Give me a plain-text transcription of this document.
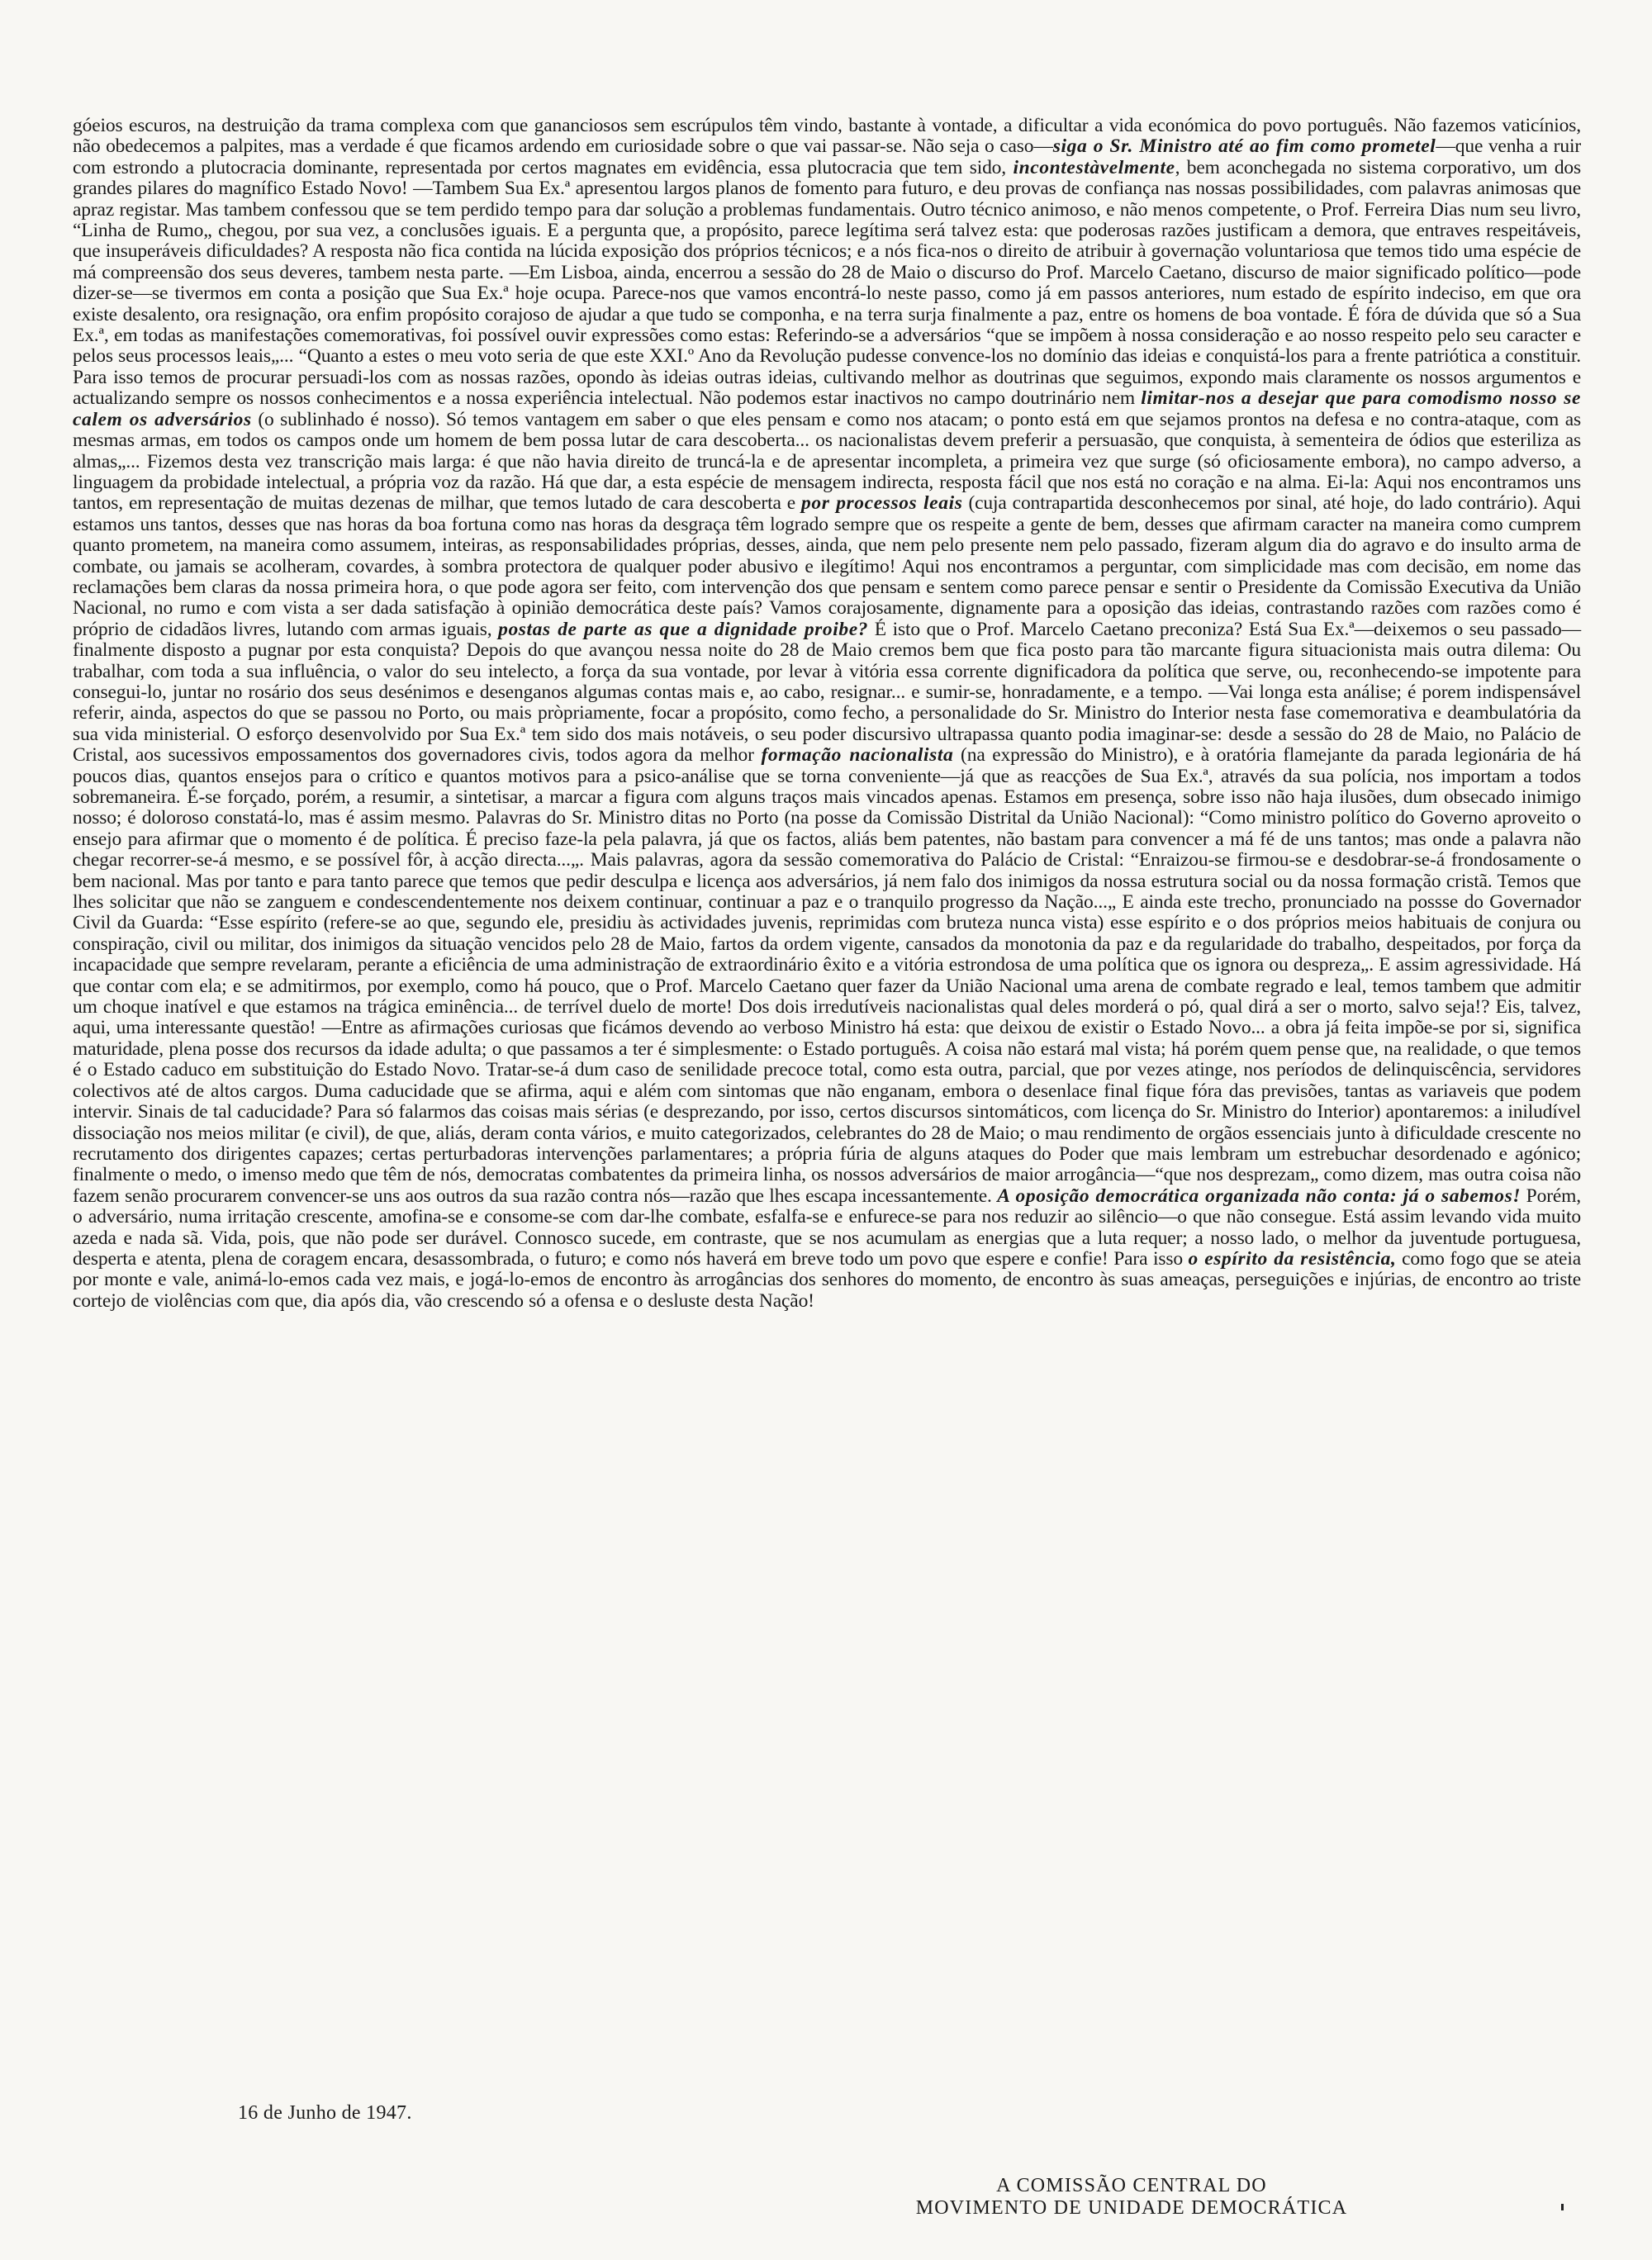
góeios escuros, na destruição da trama complexa com que gananciosos sem escrúpulos têm vindo, bastante à vontade, a dificultar a vida económica do povo português. Não fazemos vaticínios, não obedecemos a palpites, mas a verdade é que ficamos ardendo em curiosidade sobre o que vai passar-se. Não seja o caso—siga o Sr. Ministro até ao fim como prometel—que venha a ruir com estrondo a plutocracia dominante, representada por certos magnates em evidência, essa plutocracia que tem sido, incontestàvelmente, bem aconchegada no sistema corporativo, um dos grandes pilares do magnífico Estado Novo! —Tambem Sua Ex.ª apresentou largos planos de fomento para futuro, e deu provas de confiança nas nossas possibilidades, com palavras animosas que apraz registar. Mas tambem confessou que se tem perdido tempo para dar solução a problemas fundamentais. Outro técnico animoso, e não menos competente, o Prof. Ferreira Dias num seu livro, “Linha de Rumo„ chegou, por sua vez, a conclusões iguais. E a pergunta que, a propósito, parece legítima será talvez esta: que poderosas razões justificam a demora, que entraves respeitáveis, que insuperáveis dificuldades? A resposta não fica contida na lúcida exposição dos próprios técnicos; e a nós fica-nos o direito de atribuir à governação voluntariosa que temos tido uma espécie de má compreensão dos seus deveres, tambem nesta parte. —Em Lisboa, ainda, encerrou a sessão do 28 de Maio o discurso do Prof. Marcelo Caetano, discurso de maior significado político—pode dizer-se—se tivermos em conta a posição que Sua Ex.ª hoje ocupa. Parece-nos que vamos encontrá-lo neste passo, como já em passos anteriores, num estado de espírito indeciso, em que ora existe desalento, ora resignação, ora enfim propósito corajoso de ajudar a que tudo se componha, e na terra surja finalmente a paz, entre os homens de boa vontade. É fóra de dúvida que só a Sua Ex.ª, em todas as manifestações comemorativas, foi possível ouvir expressões como estas: Referindo-se a adversários “que se impõem à nossa consideração e ao nosso respeito pelo seu caracter e pelos seus processos leais„... “Quanto a estes o meu voto seria de que este XXI.º Ano da Revolução pudesse convence-los no domínio das ideias e conquistá-los para a frente patriótica a constituir. Para isso temos de procurar persuadi-los com as nossas razões, opondo às ideias outras ideias, cultivando melhor as doutrinas que seguimos, expondo mais claramente os nossos argumentos e actualizando sempre os nossos conhecimentos e a nossa experiência intelectual. Não podemos estar inactivos no campo doutrinário nem limitar-nos a desejar que para comodismo nosso se calem os adversários (o sublinhado é nosso). Só temos vantagem em saber o que eles pensam e como nos atacam; o ponto está em que sejamos prontos na defesa e no contra-ataque, com as mesmas armas, em todos os campos onde um homem de bem possa lutar de cara descoberta... os nacionalistas devem preferir a persuasão, que conquista, à sementeira de ódios que esteriliza as almas„... Fizemos desta vez transcrição mais larga: é que não havia direito de truncá-la e de apresentar incompleta, a primeira vez que surge (só oficiosamente embora), no campo adverso, a linguagem da probidade intelectual, a própria voz da razão. Há que dar, a esta espécie de mensagem indirecta, resposta fácil que nos está no coração e na alma. Ei-la: Aqui nos encontramos uns tantos, em representação de muitas dezenas de milhar, que temos lutado de cara descoberta e por processos leais (cuja contrapartida desconhecemos por sinal, até hoje, do lado contrário). Aqui estamos uns tantos, desses que nas horas da boa fortuna como nas horas da desgraça têm logrado sempre que os respeite a gente de bem, desses que afirmam caracter na maneira como cumprem quanto prometem, na maneira como assumem, inteiras, as responsabilidades próprias, desses, ainda, que nem pelo presente nem pelo passado, fizeram algum dia do agravo e do insulto arma de combate, ou jamais se acolheram, covardes, à sombra protectora de qualquer poder abusivo e ilegítimo! Aqui nos encontramos a perguntar, com simplicidade mas com decisão, em nome das reclamações bem claras da nossa primeira hora, o que pode agora ser feito, com intervenção dos que pensam e sentem como parece pensar e sentir o Presidente da Comissão Executiva da União Nacional, no rumo e com vista a ser dada satisfação à opinião democrática deste país? Vamos corajosamente, dignamente para a oposição das ideias, contrastando razões com razões como é próprio de cidadãos livres, lutando com armas iguais, postas de parte as que a dignidade proibe? É isto que o Prof. Marcelo Caetano preconiza? Está Sua Ex.ª—deixemos o seu passado—finalmente disposto a pugnar por esta conquista? Depois do que avançou nessa noite do 28 de Maio cremos bem que fica posto para tão marcante figura situacionista mais outra dilema: Ou trabalhar, com toda a sua influência, o valor do seu intelecto, a força da sua vontade, por levar à vitória essa corrente dignificadora da política que serve, ou, reconhecendo-se impotente para consegui-lo, juntar no rosário dos seus desénimos e desenganos algumas contas mais e, ao cabo, resignar... e sumir-se, honradamente, e a tempo. —Vai longa esta análise; é porem indispensável referir, ainda, aspectos do que se passou no Porto, ou mais pròpriamente, focar a propósito, como fecho, a personalidade do Sr. Ministro do Interior nesta fase comemorativa e deambulatória da sua vida ministerial. O esforço desenvolvido por Sua Ex.ª tem sido dos mais notáveis, o seu poder discursivo ultrapassa quanto podia imaginar-se: desde a sessão do 28 de Maio, no Palácio de Cristal, aos sucessivos empossamentos dos governadores civis, todos agora da melhor formação nacionalista (na expressão do Ministro), e à oratória flamejante da parada legionária de há poucos dias, quantos ensejos para o crítico e quantos motivos para a psico-análise que se torna conveniente—já que as reacções de Sua Ex.ª, através da sua polícia, nos importam a todos sobremaneira. É-se forçado, porém, a resumir, a sintetisar, a marcar a figura com alguns traços mais vincados apenas. Estamos em presença, sobre isso não haja ilusões, dum obsecado inimigo nosso; é doloroso constatá-lo, mas é assim mesmo. Palavras do Sr. Ministro ditas no Porto (na posse da Comissão Distrital da União Nacional): “Como ministro político do Governo aproveito o ensejo para afirmar que o momento é de política. É preciso faze-la pela palavra, já que os factos, aliás bem patentes, não bastam para convencer a má fé de uns tantos; mas onde a palavra não chegar recorrer-se-á mesmo, e se possível fôr, à acção directa...„. Mais palavras, agora da sessão comemorativa do Palácio de Cristal: “Enraizou-se firmou-se e desdobrar-se-á frondosamente o bem nacional. Mas por tanto e para tanto parece que temos que pedir desculpa e licença aos adversários, já nem falo dos inimigos da nossa estrutura social ou da nossa formação cristã. Temos que lhes solicitar que não se zanguem e condescendentemente nos deixem continuar, continuar a paz e o tranquilo progresso da Nação...„ E ainda este trecho, pronunciado na possse do Governador Civil da Guarda: “Esse espírito (refere-se ao que, segundo ele, presidiu às actividades juvenis, reprimidas com bruteza nunca vista) esse espírito e o dos próprios meios habituais de conjura ou conspiração, civil ou militar, dos inimigos da situação vencidos pelo 28 de Maio, fartos da ordem vigente, cansados da monotonia da paz e da regularidade do trabalho, despeitados, por força da incapacidade que sempre revelaram, perante a eficiência de uma administração de extraordinário êxito e a vitória estrondosa de uma política que os ignora ou despreza„. E assim agressividade. Há que contar com ela; e se admitirmos, por exemplo, como há pouco, que o Prof. Marcelo Caetano quer fazer da União Nacional uma arena de combate regrado e leal, temos tambem que admitir um choque inatível e que estamos na trágica eminência... de terrível duelo de morte! Dos dois irredutíveis nacionalistas qual deles morderá o pó, qual dirá a ser o morto, salvo seja!? Eis, talvez, aqui, uma interessante questão! —Entre as afirmações curiosas que ficámos devendo ao verboso Ministro há esta: que deixou de existir o Estado Novo... a obra já feita impõe-se por si, significa maturidade, plena posse dos recursos da idade adulta; o que passamos a ter é simplesmente: o Estado português. A coisa não estará mal vista; há porém quem pense que, na realidade, o que temos é o Estado caduco em substituição do Estado Novo. Tratar-se-á dum caso de senilidade precoce total, como esta outra, parcial, que por vezes atinge, nos períodos de delinquiscência, servidores colectivos até de altos cargos. Duma caducidade que se afirma, aqui e além com sintomas que não enganam, embora o desenlace final fique fóra das previsões, tantas as variaveis que podem intervir. Sinais de tal caducidade? Para só falarmos das coisas mais sérias (e desprezando, por isso, certos discursos sintomáticos, com licença do Sr. Ministro do Interior) apontaremos: a iniludível dissociação nos meios militar (e civil), de que, aliás, deram conta vários, e muito categorizados, celebrantes do 28 de Maio; o mau rendimento de orgãos essenciais junto à dificuldade crescente no recrutamento dos dirigentes capazes; certas perturbadoras intervenções parlamentares; a própria fúria de alguns ataques do Poder que mais lembram um estrebuchar desordenado e agónico; finalmente o medo, o imenso medo que têm de nós, democratas combatentes da primeira linha, os nossos adversários de maior arrogância—“que nos desprezam„ como dizem, mas outra coisa não fazem senão procurarem convencer-se uns aos outros da sua razão contra nós—razão que lhes escapa incessantemente. A oposição democrática organizada não conta: já o sabemos! Porém, o adversário, numa irritação crescente, amofina-se e consome-se com dar-lhe combate, esfalfa-se e enfurece-se para nos reduzir ao silêncio—o que não consegue. Está assim levando vida muito azeda e nada sã. Vida, pois, que não pode ser durável. Connosco sucede, em contraste, que se nos acumulam as energias que a luta requer; a nosso lado, o melhor da juventude portuguesa, desperta e atenta, plena de coragem encara, desassombrada, o futuro; e como nós haverá em breve todo um povo que espere e confie! Para isso o espírito da resistência, como fogo que se ateia por monte e vale, animá-lo-emos cada vez mais, e jogá-lo-emos de encontro às arrogâncias dos senhores do momento, de encontro às suas ameaças, perseguições e injúrias, de encontro ao triste cortejo de violências com que, dia após dia, vão crescendo só a ofensa e o desluste desta Nação!

16 de Junho de 1947.
A COMISSÃO CENTRAL DO
MOVIMENTO DE UNIDADE DEMOCRÁTICA
